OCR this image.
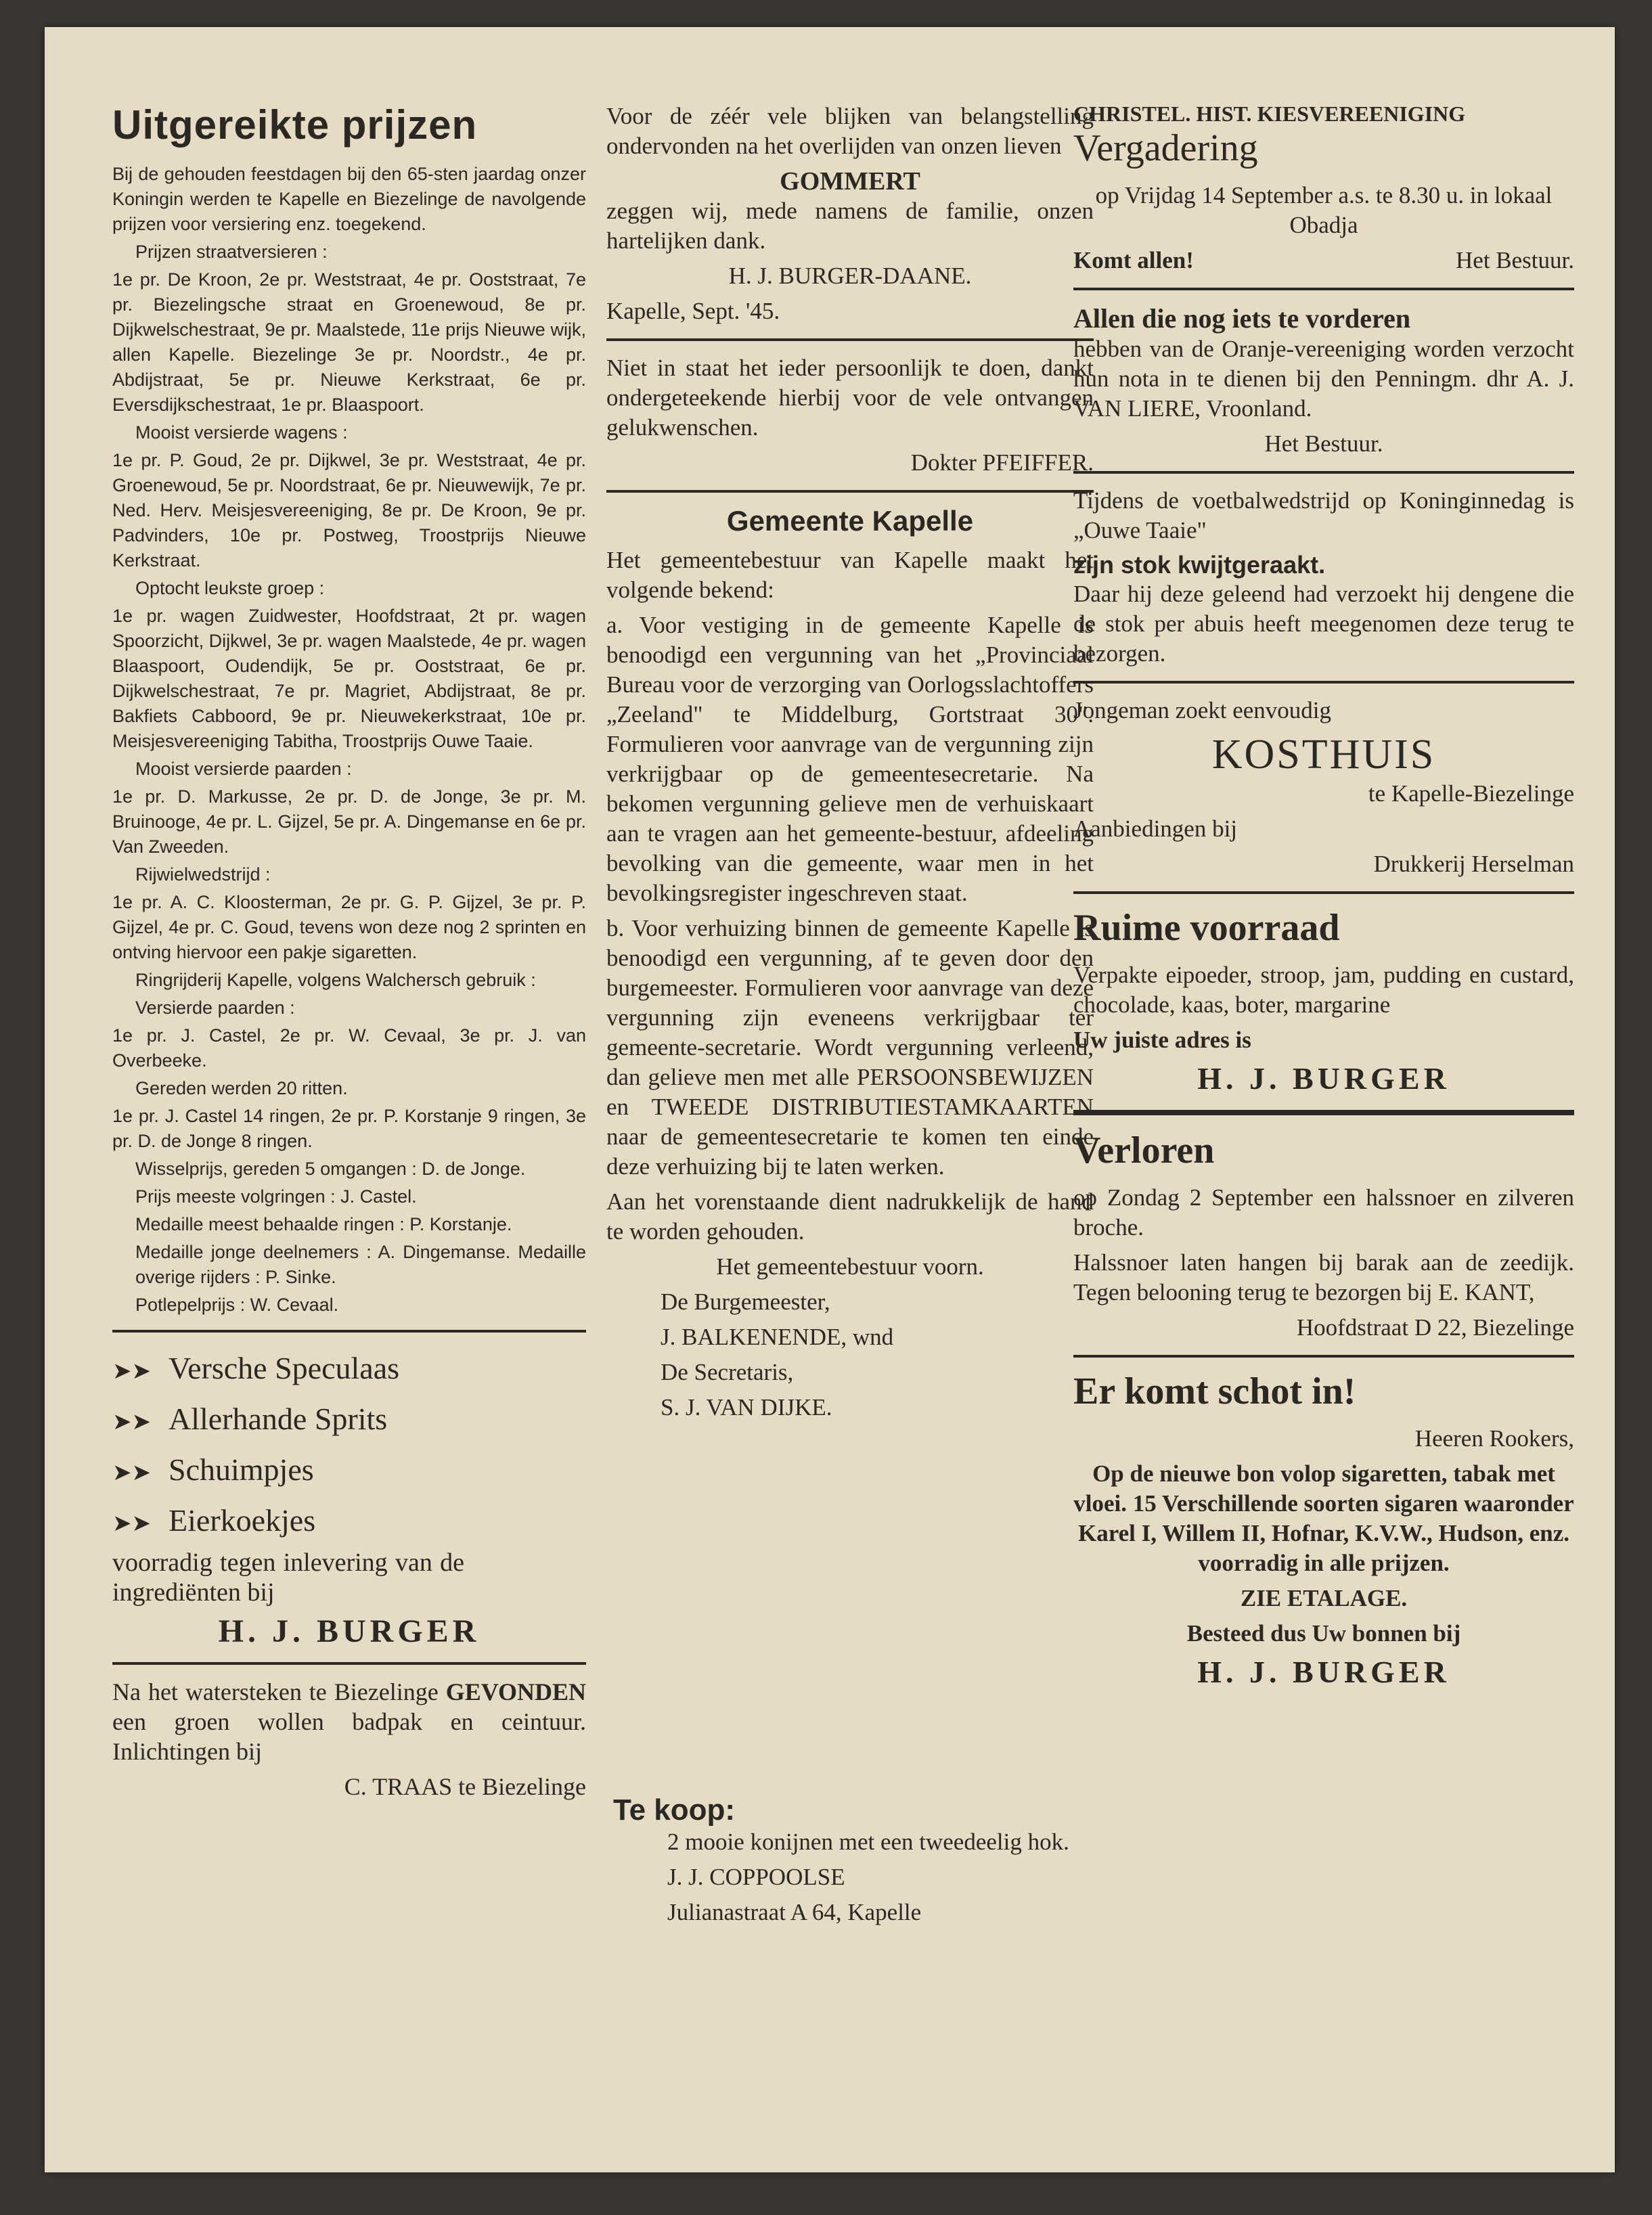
Uitgereikte prijzen

Bij de gehouden feestdagen bij den 65-sten jaardag onzer Koningin werden te Kapelle en Biezelinge de navolgende prijzen voor versiering enz. toegekend.

Prijzen straatversieren :

1e pr. De Kroon, 2e pr. Weststraat, 4e pr. Ooststraat, 7e pr. Biezelingsche straat en Groenewoud, 8e pr. Dijkwelschestraat, 9e pr. Maalstede, 11e prijs Nieuwe wijk, allen Kapelle. Biezelinge 3e pr. Noordstr., 4e pr. Abdijstraat, 5e pr. Nieuwe Kerkstraat, 6e pr. Eversdijkschestraat, 1e pr. Blaaspoort.

Mooist versierde wagens :

1e pr. P. Goud, 2e pr. Dijkwel, 3e pr. Weststraat, 4e pr. Groenewoud, 5e pr. Noordstraat, 6e pr. Nieuwewijk, 7e pr. Ned. Herv. Meisjesvereeniging, 8e pr. De Kroon, 9e pr. Padvinders, 10e pr. Postweg, Troostprijs Nieuwe Kerkstraat.

Optocht leukste groep :

1e pr. wagen Zuidwester, Hoofdstraat, 2t pr. wagen Spoorzicht, Dijkwel, 3e pr. wagen Maalstede, 4e pr. wagen Blaaspoort, Oudendijk, 5e pr. Ooststraat, 6e pr. Dijkwelschestraat, 7e pr. Magriet, Abdijstraat, 8e pr. Bakfiets Cabboord, 9e pr. Nieuwekerkstraat, 10e pr. Meisjesvereeniging Tabitha, Troostprijs Ouwe Taaie.

Mooist versierde paarden :

1e pr. D. Markusse, 2e pr. D. de Jonge, 3e pr. M. Bruinooge, 4e pr. L. Gijzel, 5e pr. A. Dingemanse en 6e pr. Van Zweeden.

Rijwielwedstrijd :

1e pr. A. C. Kloosterman, 2e pr. G. P. Gijzel, 3e pr. P. Gijzel, 4e pr. C. Goud, tevens won deze nog 2 sprinten en ontving hiervoor een pakje sigaretten.

Ringrijderij Kapelle, volgens Walchersch gebruik :

Versierde paarden :

1e pr. J. Castel, 2e pr. W. Cevaal, 3e pr. J. van Overbeeke.

Gereden werden 20 ritten.

1e pr. J. Castel 14 ringen, 2e pr. P. Korstanje 9 ringen, 3e pr. D. de Jonge 8 ringen.

Wisselprijs, gereden 5 omgangen : D. de Jonge.

Prijs meeste volgringen : J. Castel.

Medaille meest behaalde ringen : P. Korstanje.

Medaille jonge deelnemers : A. Dingemanse. Medaille overige rijders : P. Sinke.

Potlepelprijs : W. Cevaal.

➤➤ Versche Speculaas
➤➤ Allerhande Sprits
➤➤ Schuimpjes
➤➤ Eierkoekjes
voorradig tegen inlevering van de ingrediënten bij
H. J. BURGER
Na het watersteken te Biezelinge GEVONDEN een groen wollen badpak en ceintuur. Inlichtingen bij
C. TRAAS te Biezelinge
Voor de zéér vele blijken van belangstelling ondervonden na het overlijden van onzen lieven
GOMMERT
zeggen wij, mede namens de familie, onzen hartelijken dank.
H. J. BURGER-DAANE.
Kapelle, Sept. '45.
Niet in staat het ieder persoonlijk te doen, dankt ondergeteekende hierbij voor de vele ontvangen gelukwenschen.
Dokter PFEIFFER.
Gemeente Kapelle
Het gemeentebestuur van Kapelle maakt het volgende bekend:
a. Voor vestiging in de gemeente Kapelle is benoodigd een vergunning van het „Provinciaal Bureau voor de verzorging van Oorlogsslachtoffers „Zeeland" te Middelburg, Gortstraat 30". Formulieren voor aanvrage van de vergunning zijn verkrijgbaar op de gemeentesecretarie. Na bekomen vergunning gelieve men de verhuiskaart aan te vragen aan het gemeente-bestuur, afdeeling bevolking van die gemeente, waar men in het bevolkingsregister ingeschreven staat.
b. Voor verhuizing binnen de gemeente Kapelle is benoodigd een vergunning, af te geven door den burgemeester. Formulieren voor aanvrage van deze vergunning zijn eveneens verkrijgbaar ter gemeente-secretarie. Wordt vergunning verleend, dan gelieve men met alle PERSOONSBEWIJZEN en TWEEDE DISTRIBUTIESTAMKAARTEN naar de gemeentesecretarie te komen ten einde deze verhuizing bij te laten werken.
Aan het vorenstaande dient nadrukkelijk de hand te worden gehouden.
Het gemeentebestuur voorn.
De Burgemeester,
J. BALKENENDE, wnd
De Secretaris,
S. J. VAN DIJKE.
CHRISTEL. HIST. KIESVEREENIGING
Vergadering
op Vrijdag 14 September a.s. te 8.30 u. in lokaal Obadja
Komt allen!	Het Bestuur.
Allen die nog iets te vorderen
hebben van de Oranje-vereeniging worden verzocht hun nota in te dienen bij den Penningm. dhr A. J. VAN LIERE, Vroonland.
Het Bestuur.
Tijdens de voetbalwedstrijd op Koninginnedag is „Ouwe Taaie"
zijn stok kwijtgeraakt.
Daar hij deze geleend had verzoekt hij dengene die de stok per abuis heeft meegenomen deze terug te bezorgen.
Jongeman zoekt eenvoudig
KOSTHUIS
te Kapelle-Biezelinge
Aanbiedingen bij
Drukkerij Herselman
Ruime voorraad
Verpakte eipoeder, stroop, jam, pudding en custard, chocolade, kaas, boter, margarine
Uw juiste adres is
H. J. BURGER
Verloren
op Zondag 2 September een halssnoer en zilveren broche.
Halssnoer laten hangen bij barak aan de zeedijk. Tegen belooning terug te bezorgen bij E. KANT,
Hoofdstraat D 22, Biezelinge
Er komt schot in!
Heeren Rookers,
Op de nieuwe bon volop sigaretten, tabak met vloei. 15 Verschillende soorten sigaren waaronder Karel I, Willem II, Hofnar, K.V.W., Hudson, enz. voorradig in alle prijzen.
ZIE ETALAGE.
Besteed dus Uw bonnen bij
H. J. BURGER
Te koop:
2 mooie konijnen met een tweedeelig hok.
J. J. COPPOOLSE
Julianastraat A 64, Kapelle
